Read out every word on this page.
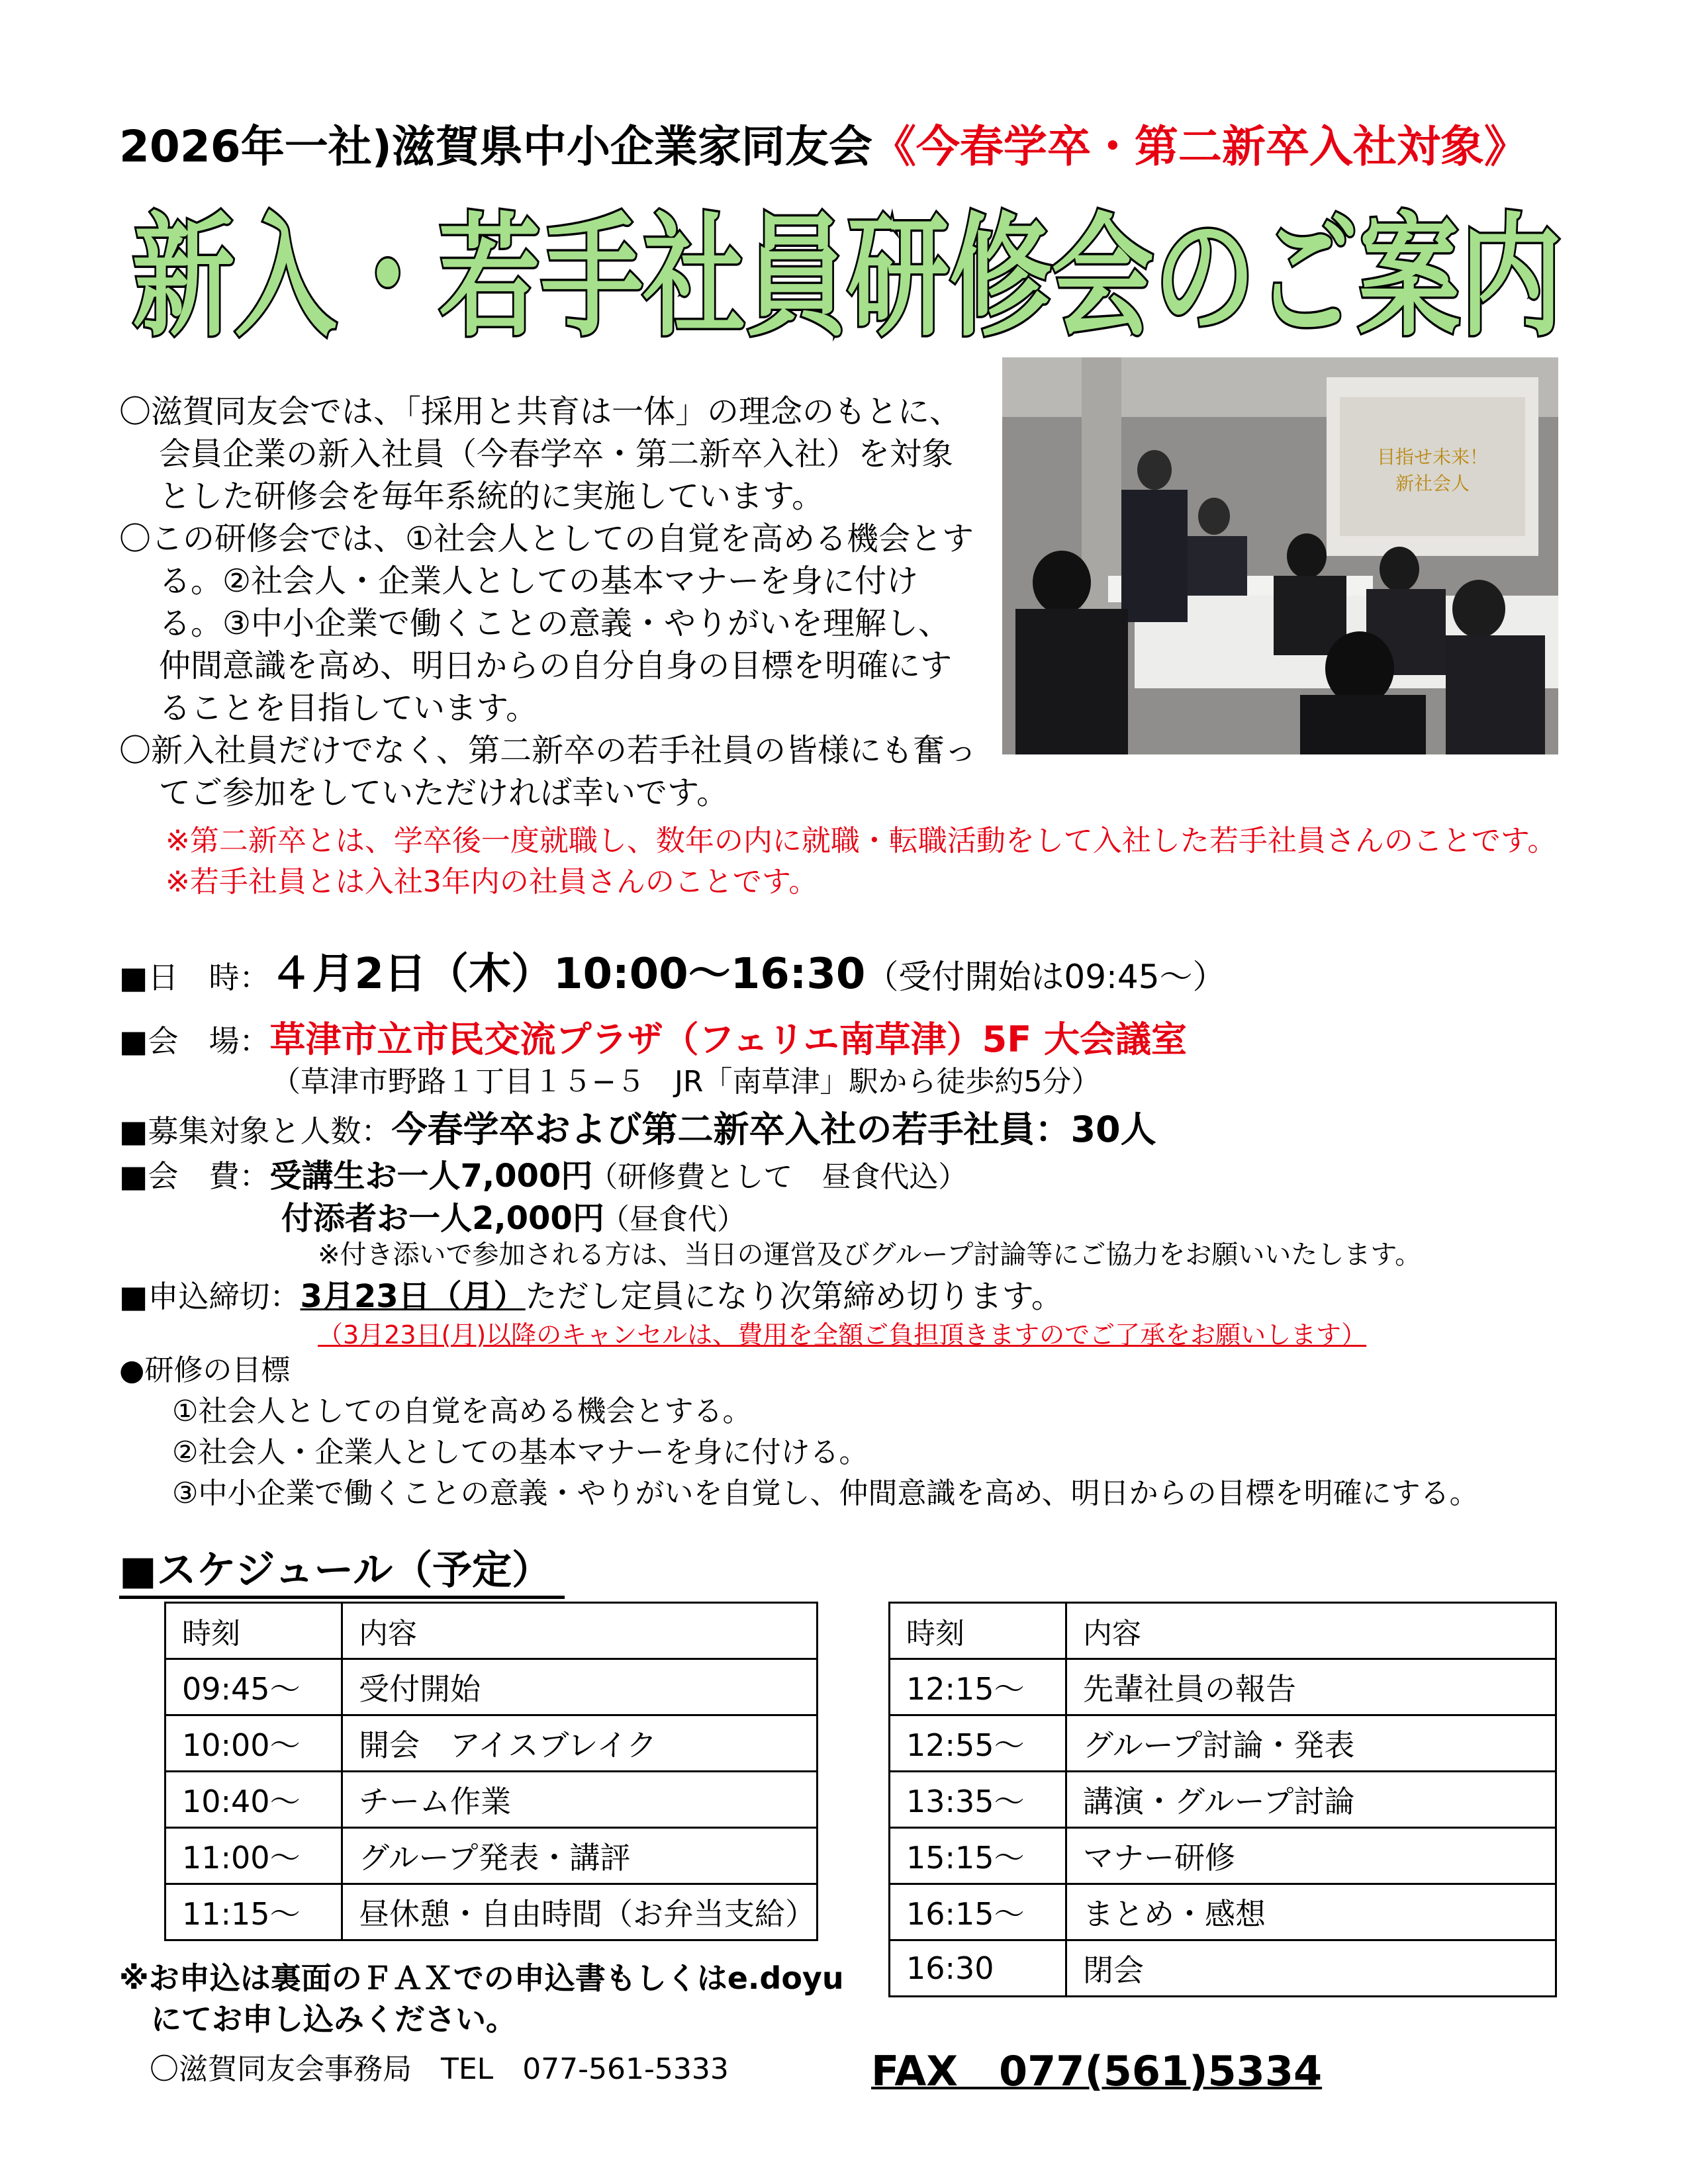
2026年一社)滋賀県中小企業家同友会《今春学卒・第二新卒入社対象》
新入・若手社員研修会のご案内

〇滋賀同友会では、「採用と共育は一体」の理念のもとに、会員企業の新入社員（今春学卒・第二新卒入社）を対象とした研修会を毎年系統的に実施しています。

〇この研修会では、①社会人としての自覚を高める機会とする。②社会人・企業人としての基本マナーを身に付ける。③中小企業で働くことの意義・やりがいを理解し、仲間意識を高め、明日からの自分自身の目標を明確にすることを目指しています。

〇新入社員だけでなく、第二新卒の若手社員の皆様にも奮ってご参加をしていただければ幸いです。

目指せ未来！
新社会人
※第二新卒とは、学卒後一度就職し、数年の内に就職・転職活動をして入社した若手社員さんのことです。
※若手社員とは入社3年内の社員さんのことです。
■日　時：４月2日（木）10:00～16:30（受付開始は09:45～）
■会　場：草津市立市民交流プラザ（フェリエ南草津）5F 大会議室
（草津市野路１丁目１５−５　JR「南草津」駅から徒歩約5分）
■募集対象と人数：今春学卒および第二新卒入社の若手社員：30人
■会　費：受講生お一人7,000円　 （研修費として　昼食代込）
付添者お一人2,000円　 （昼食代）
※付き添いで参加される方は、当日の運営及びグループ討論等にご協力をお願いいたします。
■申込締切：3月23日（月）ただし定員になり次第締め切ります。
（3月23日(月)以降のキャンセルは、費用を全額ご負担頂きますのでご了承をお願いします）
●研修の目標
①社会人としての自覚を高める機会とする。
②社会人・企業人としての基本マナーを身に付ける。
③中小企業で働くことの意義・やりがいを自覚し、仲間意識を高め、明日からの目標を明確にする。
■スケジュール（予定）
時刻	内容
09:45～	受付開始
10:00～	開会　アイスブレイク
10:40～	チーム作業
11:00～	グループ発表・講評
11:15～	昼休憩・自由時間（お弁当支給）
時刻	内容
12:15～	先輩社員の報告
12:55～	グループ討論・発表
13:35～	講演・グループ討論
15:15～	マナー研修
16:15～	まとめ・感想
16:30	閉会
※お申込は裏面のＦＡＸでの申込書もしくはe.doyu
にてお申し込みください。
〇滋賀同友会事務局　TEL　077-561-5333	FAX　077(561)5334
